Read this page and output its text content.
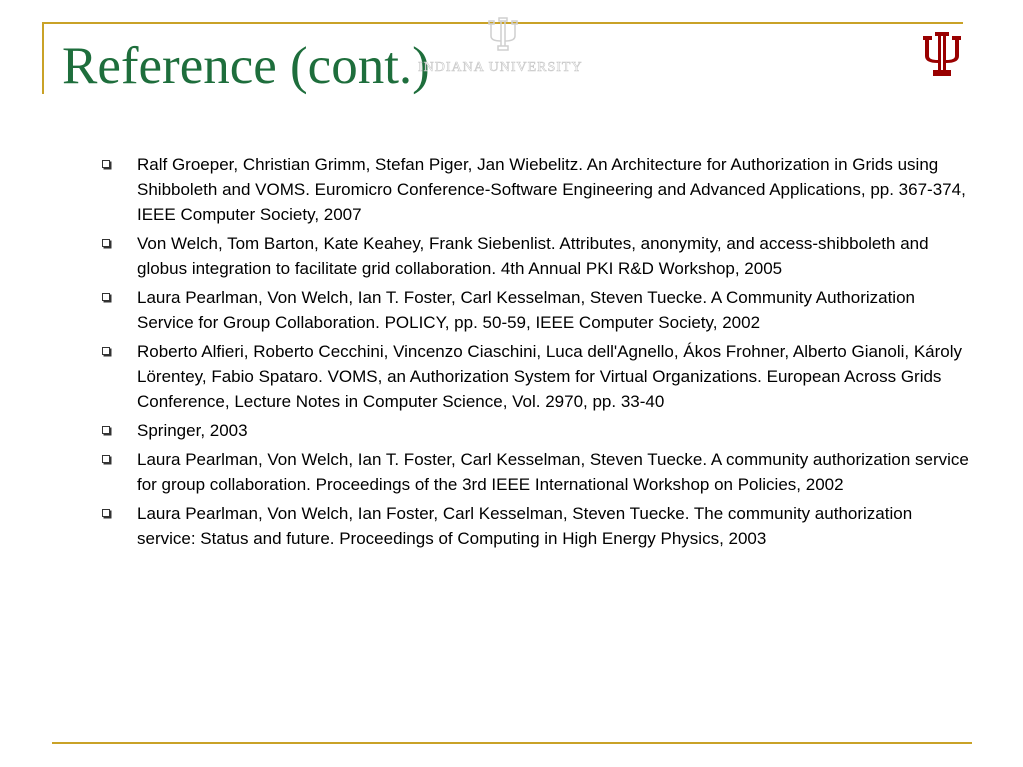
Reference (cont.)
INDIANA UNIVERSITY
Ralf Groeper, Christian Grimm, Stefan Piger, Jan Wiebelitz. An Architecture for Authorization in Grids using Shibboleth and VOMS. Euromicro Conference-Software Engineering and Advanced Applications, pp. 367-374, IEEE Computer Society, 2007
Von Welch, Tom Barton, Kate Keahey, Frank Siebenlist. Attributes, anonymity, and access-shibboleth and globus integration to facilitate grid collaboration. 4th Annual PKI R&D Workshop, 2005
Laura Pearlman, Von Welch, Ian T. Foster, Carl Kesselman, Steven Tuecke. A Community Authorization Service for Group Collaboration. POLICY, pp. 50-59, IEEE Computer Society, 2002
Roberto Alfieri, Roberto Cecchini, Vincenzo Ciaschini, Luca dell'Agnello, Ákos Frohner, Alberto Gianoli, Károly Lörentey, Fabio Spataro. VOMS, an Authorization System for Virtual Organizations. European Across Grids Conference, Lecture Notes in Computer Science, Vol. 2970, pp. 33-40
Springer, 2003
Laura Pearlman, Von Welch, Ian T. Foster, Carl Kesselman, Steven Tuecke. A community authorization service for group collaboration. Proceedings of the 3rd IEEE International Workshop on Policies, 2002
Laura Pearlman, Von Welch, Ian Foster, Carl Kesselman, Steven Tuecke. The community authorization service: Status and future. Proceedings of Computing in High Energy Physics, 2003
